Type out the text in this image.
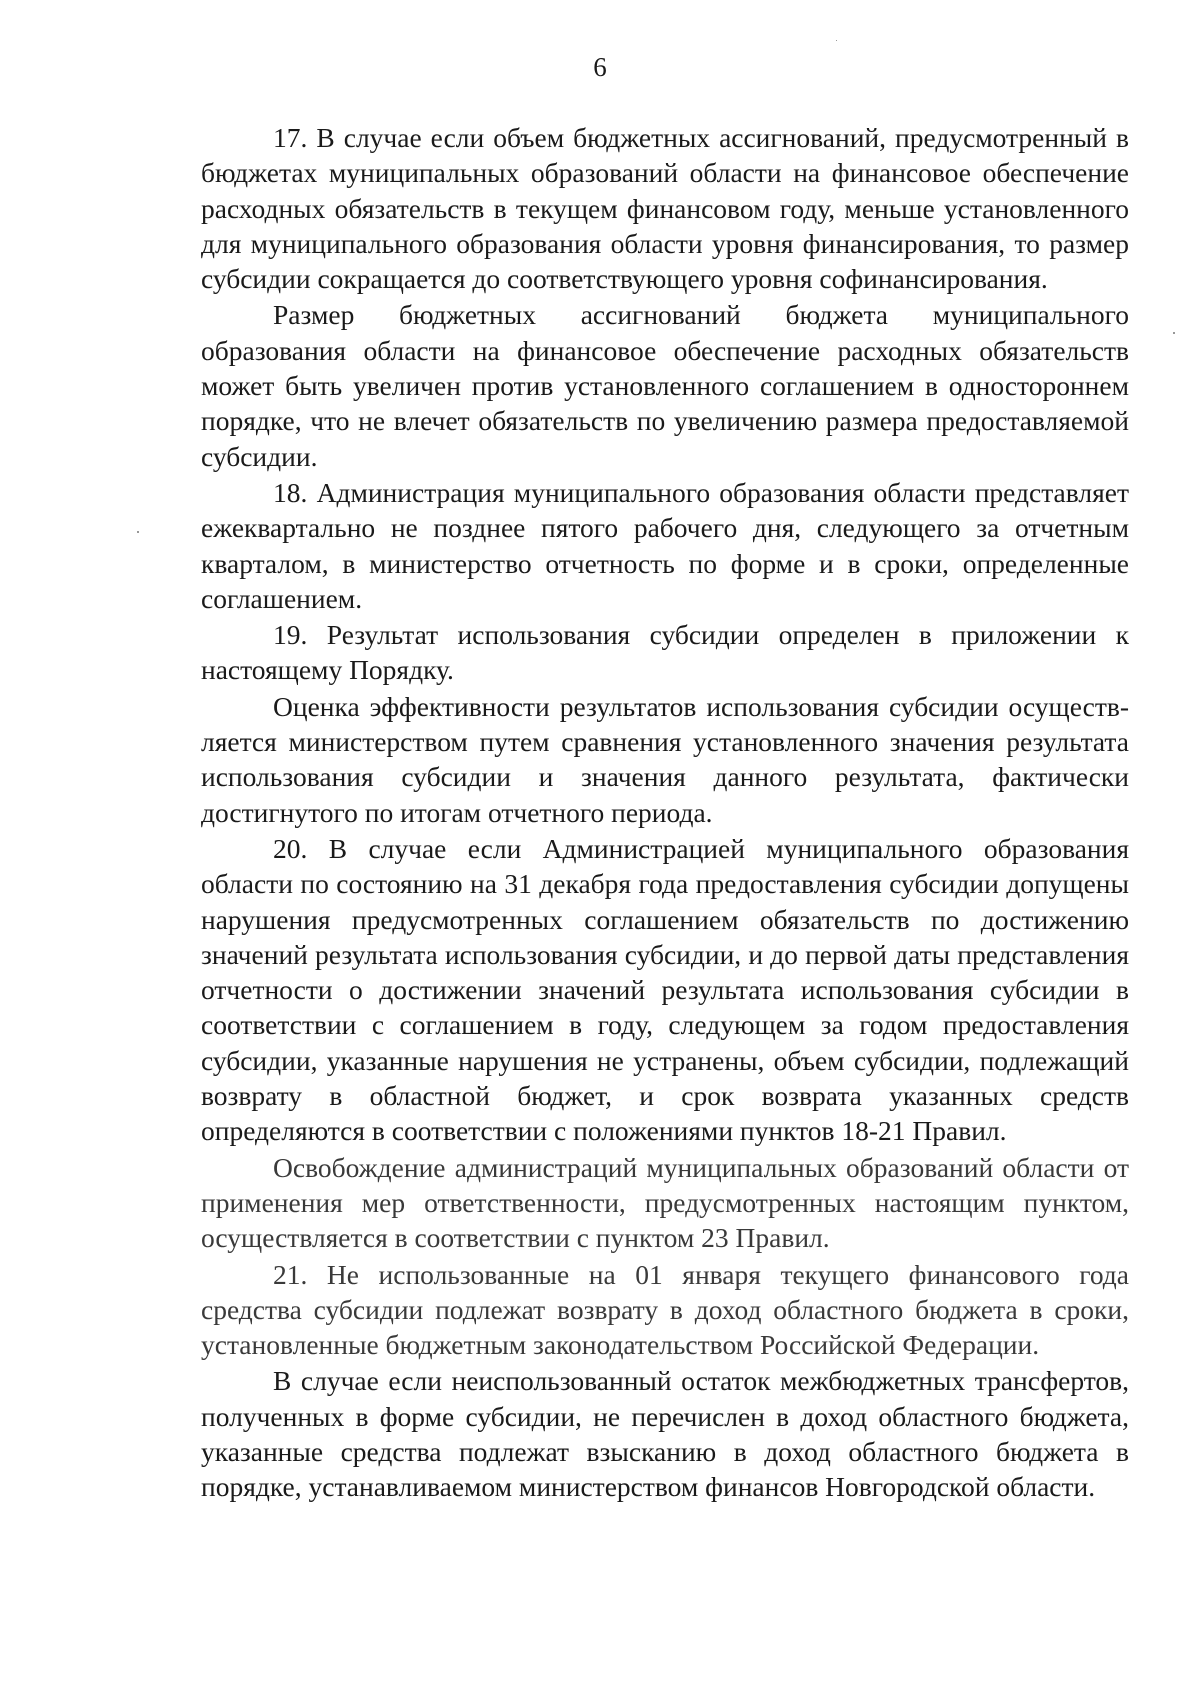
6

17. В случае если объем бюджетных ассигнований, предусмотренный в бюджетах муниципальных образований области на финансовое обеспечение расходных обязательств в текущем финансовом году, меньше установленного для муниципального образования области уровня финансирования, то размер субсидии сокращается до соответствующего уровня софинансирования.

Размер бюджетных ассигнований бюджета муниципального образования области на финансовое обеспечение расходных обязательств может быть увеличен против установленного соглашением в одностороннем порядке, что не влечет обязательств по увеличению размера предоставляемой субсидии.

18. Администрация муниципального образования области представляет ежеквартально не позднее пятого рабочего дня, следующего за отчетным кварталом, в министерство отчетность по форме и в сроки, определенные соглашением.

19. Результат использования субсидии определен в приложении к настоящему Порядку.

Оценка эффективности результатов использования субсидии осуществляется министерством путем сравнения установленного значения результата использования субсидии и значения данного результата, фактически достигнутого по итогам отчетного периода.

20. В случае если Администрацией муниципального образования области по состоянию на 31 декабря года предоставления субсидии допущены нарушения предусмотренных соглашением обязательств по достижению значений результата использования субсидии, и до первой даты представления отчетности о достижении значений результата использования субсидии в соответствии с соглашением в году, следующем за годом предоставления субсидии, указанные нарушения не устранены, объем субсидии, подлежащий возврату в областной бюджет, и срок возврата указанных средств определяются в соответствии с положениями пунктов 18-21 Правил.

Освобождение администраций муниципальных образований области от применения мер ответственности, предусмотренных настоящим пунктом, осуществляется в соответствии с пунктом 23 Правил.

21. Не использованные на 01 января текущего финансового года средства субсидии подлежат возврату в доход областного бюджета в сроки, установленные бюджетным законодательством Российской Федерации.

В случае если неиспользованный остаток межбюджетных трансфертов, полученных в форме субсидии, не перечислен в доход областного бюджета, указанные средства подлежат взысканию в доход областного бюджета в порядке, устанавливаемом министерством финансов Новгородской области.
